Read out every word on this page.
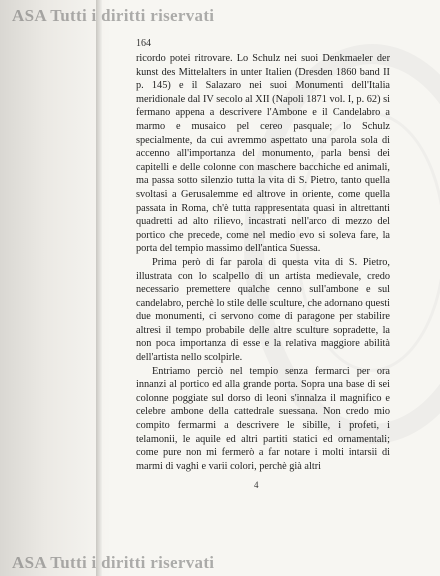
ASA Tutti i diritti riservati
164

ricordo potei ritrovare. Lo Schulz nei suoi Denkmaeler der kunst des Mittelalters in unter Italien (Dresden 1860 band II p. 145) e il Salazaro nei suoi Monumenti dell'Italia meridionale dal IV secolo al XII (Napoli 1871 vol. I, p. 62) si fermano appena a descrivere l'Ambone e il Candelabro a marmo e musaico pel cereo pasquale; lo Schulz specialmente, da cui avremmo aspettato una parola sola di accenno all'importanza del monumento, parla bensì dei capitelli e delle colonne con maschere bacchiche ed animali, ma passa sotto silenzio tutta la vita di S. Pietro, tanto quella svoltasi a Gerusalemme ed altrove in oriente, come quella passata in Roma, ch'è tutta rappresentata quasi in altrettanti quadretti ad alto rilievo, incastrati nell'arco di mezzo del portico che precede, come nel medio evo si soleva fare, la porta del tempio massimo dell'antica Suessa.

Prima però di far parola di questa vita di S. Pietro, illustrata con lo scalpello di un artista medievale, credo necessario premettere qualche cenno sull'ambone e sul candelabro, perchè lo stile delle sculture, che adornano questi due monumenti, ci servono come di paragone per stabilire altresì il tempo probabile delle altre sculture sopradette, la non poca importanza di esse e la relativa maggiore abilità dell'artista nello scolpirle.

Entriamo perciò nel tempio senza fermarci per ora innanzi al portico ed alla grande porta. Sopra una base di sei colonne poggiate sul dorso di leoni s'innalza il magnifico e celebre ambone della cattedrale suessana. Non credo mio compito fermarmi a descrivere le sibille, i profeti, i telamonii, le aquile ed altri partiti statici ed ornamentali; come pure non mi fermerò a far notare i molti intarsii di marmi di vaghi e varii colori, perchè già altri

4
ASA Tutti i diritti riservati
